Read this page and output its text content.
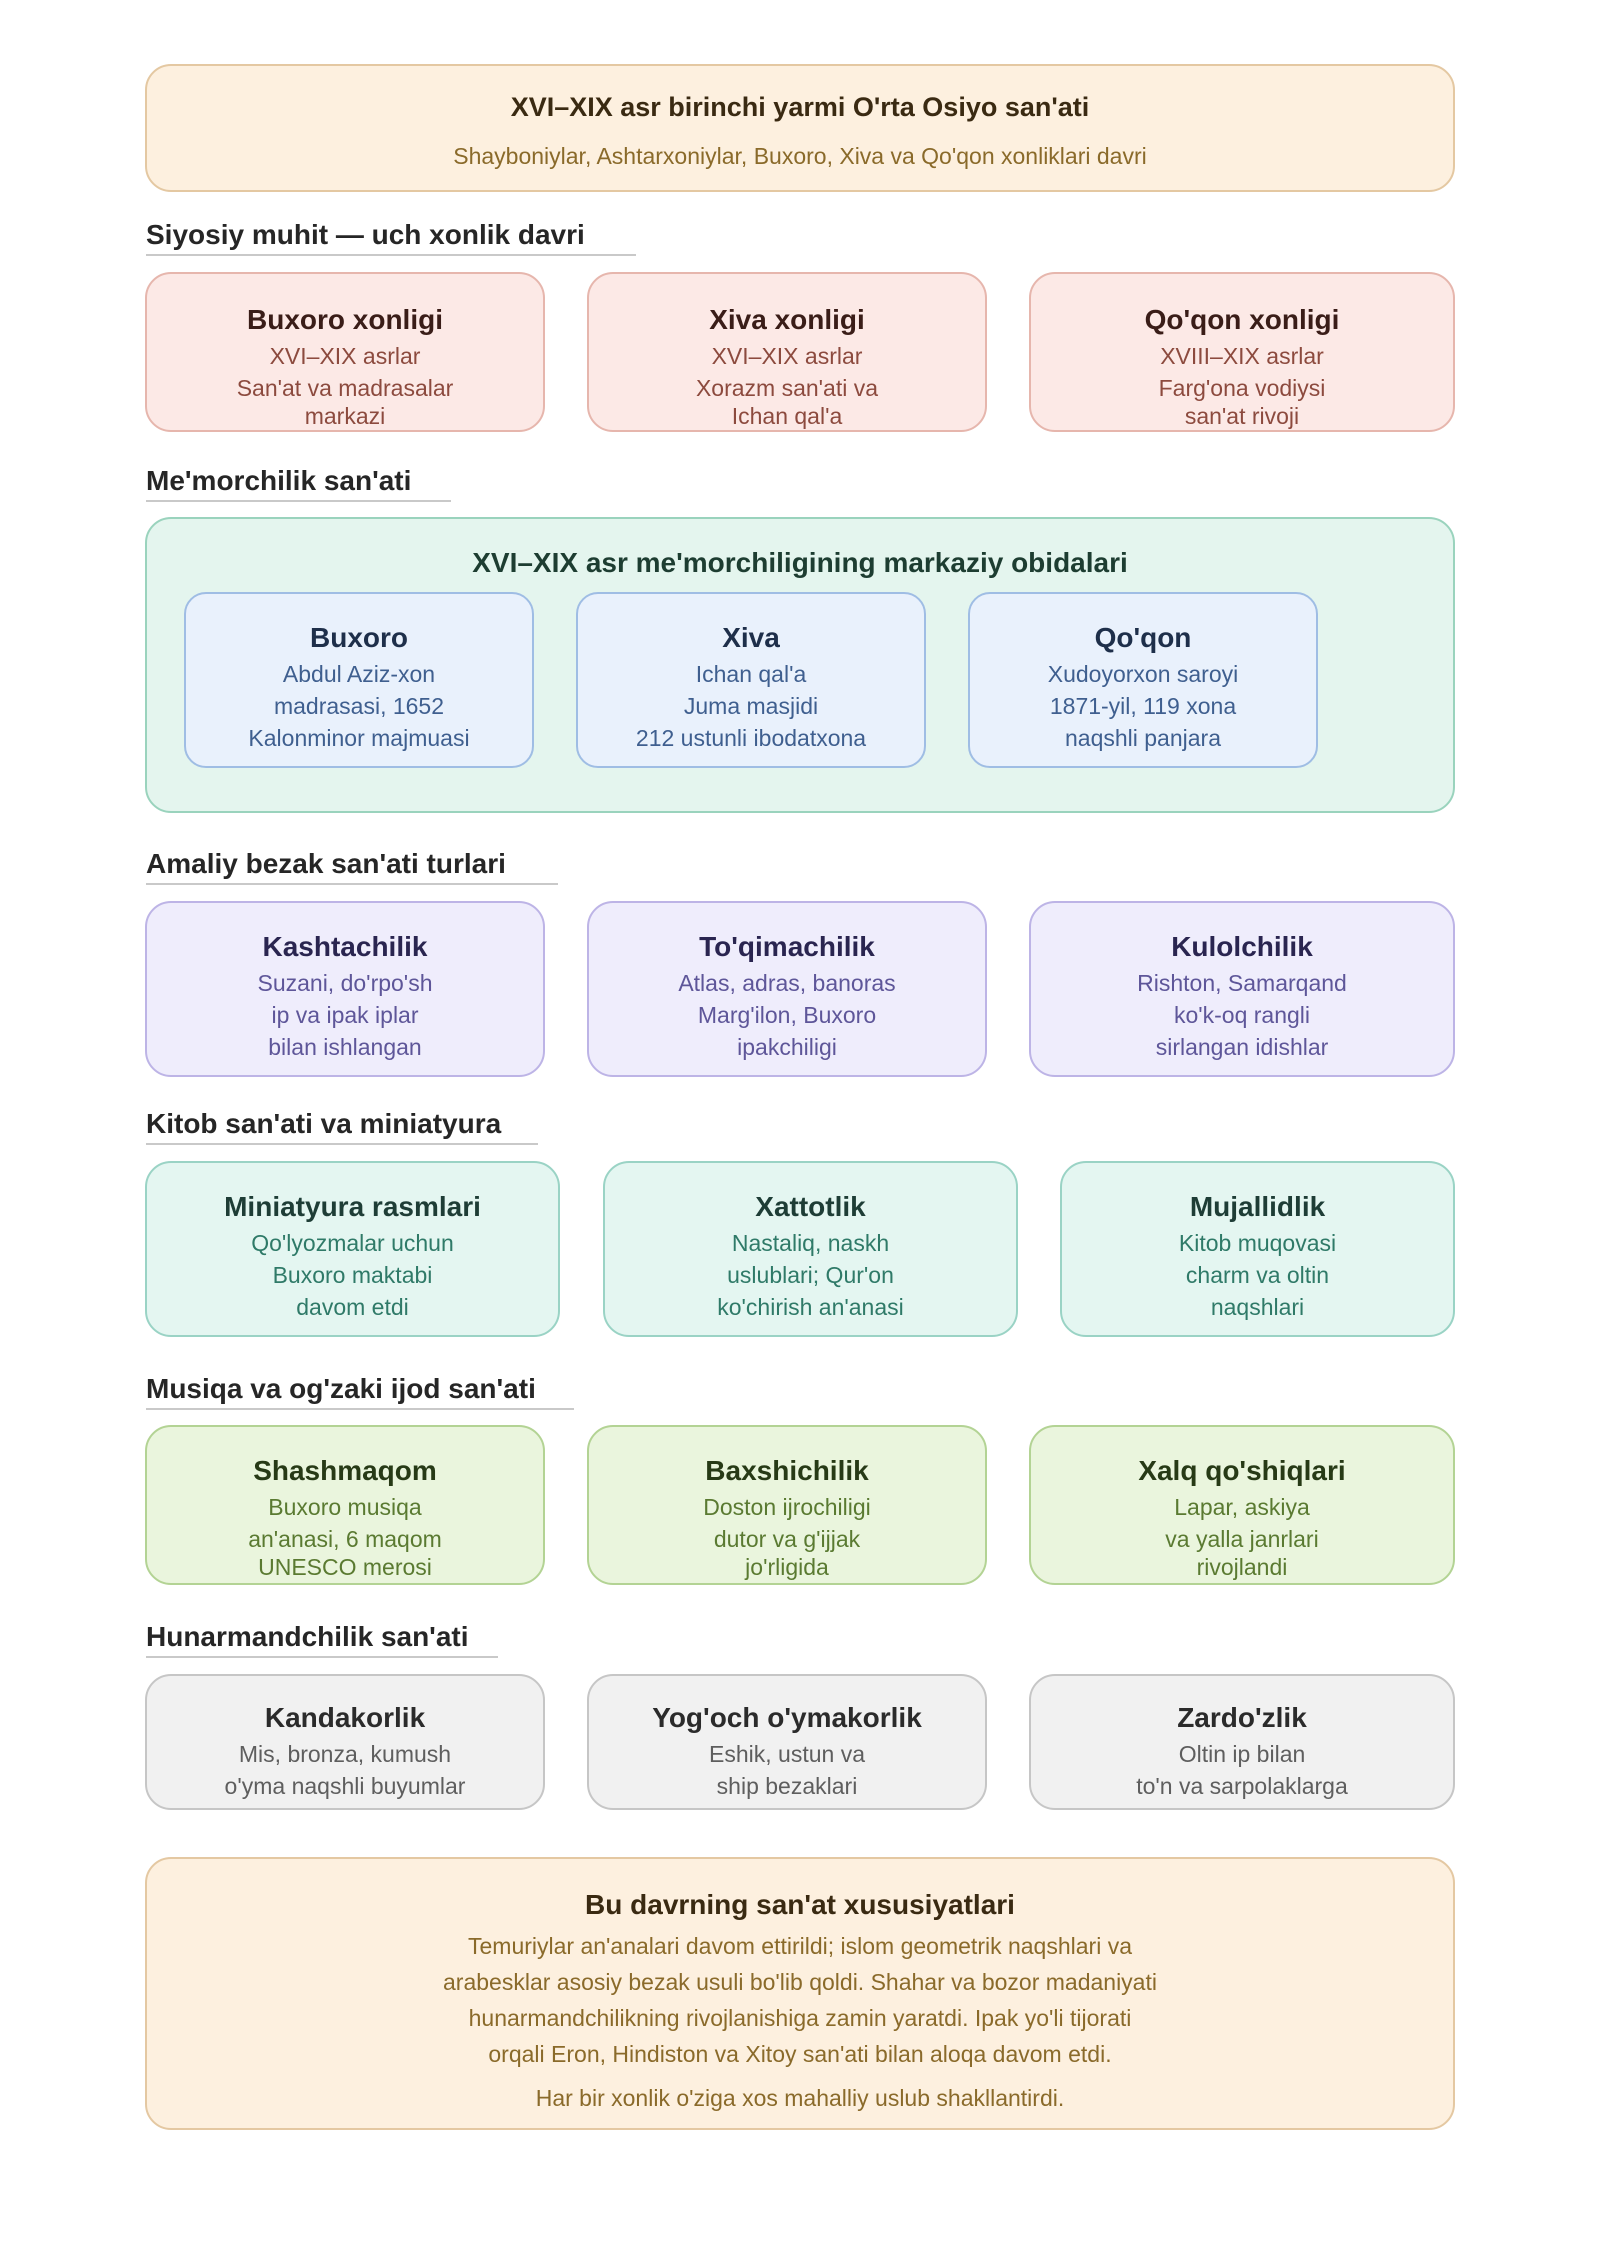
XVI–XIX asr birinchi yarmi O'rta Osiyo san'ati
Shayboniylar, Ashtarxoniylar, Buxoro, Xiva va Qo'qon xonliklari davri
Siyosiy muhit — uch xonlik davri
Buxoro xonligi
XVI–XIX asrlar
San'at va madrasalar
markazi
Xiva xonligi
XVI–XIX asrlar
Xorazm san'ati va
Ichan qal'a
Qo'qon xonligi
XVIII–XIX asrlar
Farg'ona vodiysi
san'at rivoji
Me'morchilik san'ati
XVI–XIX asr me'morchiligining markaziy obidalari
Buxoro
Abdul Aziz-xon
madrasasi, 1652
Kalonminor majmuasi
Xiva
Ichan qal'a
Juma masjidi
212 ustunli ibodatxona
Qo'qon
Xudoyorxon saroyi
1871-yil, 119 xona
naqshli panjara
Amaliy bezak san'ati turlari
Kashtachilik
Suzani, do'rpo'sh
ip va ipak iplar
bilan ishlangan
To'qimachilik
Atlas, adras, banoras
Marg'ilon, Buxoro
ipakchiligi
Kulolchilik
Rishton, Samarqand
ko'k-oq rangli
sirlangan idishlar
Kitob san'ati va miniatyura
Miniatyura rasmlari
Qo'lyozmalar uchun
Buxoro maktabi
davom etdi
Xattotlik
Nastaliq, naskh
uslublari; Qur'on
ko'chirish an'anasi
Mujallidlik
Kitob muqovasi
charm va oltin
naqshlari
Musiqa va og'zaki ijod san'ati
Shashmaqom
Buxoro musiqa
an'anasi, 6 maqom
UNESCO merosi
Baxshichilik
Doston ijrochiligi
dutor va g'ijjak
jo'rligida
Xalq qo'shiqlari
Lapar, askiya
va yalla janrlari
rivojlandi
Hunarmandchilik san'ati
Kandakorlik
Mis, bronza, kumush
o'yma naqshli buyumlar
Yog'och o'ymakorlik
Eshik, ustun va
ship bezaklari
Zardo'zlik
Oltin ip bilan
to'n va sarpolaklarga
Bu davrning san'at xususiyatlari
Temuriylar an'analari davom ettirildi; islom geometrik naqshlari va
arabesklar asosiy bezak usuli bo'lib qoldi. Shahar va bozor madaniyati
hunarmandchilikning rivojlanishiga zamin yaratdi. Ipak yo'li tijorati
orqali Eron, Hindiston va Xitoy san'ati bilan aloqa davom etdi.
Har bir xonlik o'ziga xos mahalliy uslub shakllantirdi.
